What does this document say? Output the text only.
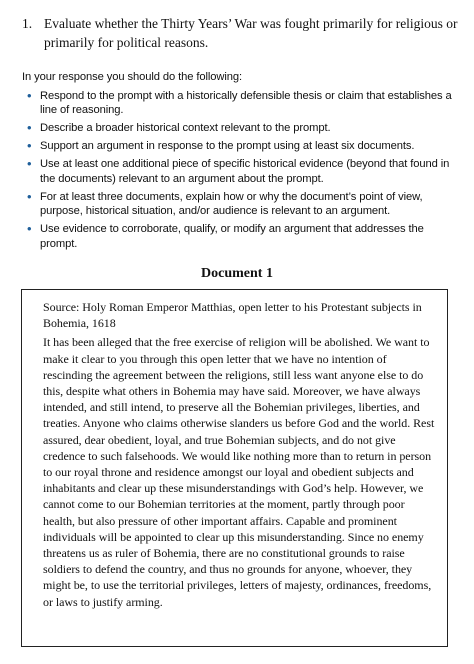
1. Evaluate whether the Thirty Years’ War was fought primarily for religious or primarily for political reasons.

In your response you should do the following:

• Respond to the prompt with a historically defensible thesis or claim that establishes a line of reasoning.
• Describe a broader historical context relevant to the prompt.
• Support an argument in response to the prompt using at least six documents.
• Use at least one additional piece of specific historical evidence (beyond that found in the documents) relevant to an argument about the prompt.
• For at least three documents, explain how or why the document’s point of view, purpose, historical situation, and/or audience is relevant to an argument.
• Use evidence to corroborate, qualify, or modify an argument that addresses the prompt.
Document 1

Source: Holy Roman Emperor Matthias, open letter to his Protestant subjects in Bohemia, 1618

It has been alleged that the free exercise of religion will be abolished. We want to make it clear to you through this open letter that we have no intention of rescinding the agreement between the religions, still less want anyone else to do this, despite what others in Bohemia may have said. Moreover, we have always intended, and still intend, to preserve all the Bohemian privileges, liberties, and treaties. Anyone who claims otherwise slanders us before God and the world. Rest assured, dear obedient, loyal, and true Bohemian subjects, and do not give credence to such falsehoods. We would like nothing more than to return in person to our royal throne and residence amongst our loyal and obedient subjects and inhabitants and clear up these misunderstandings with God’s help. However, we cannot come to our Bohemian territories at the moment, partly through poor health, but also pressure of other important affairs. Capable and prominent individuals will be appointed to clear up this misunderstanding. Since no enemy threatens us as ruler of Bohemia, there are no constitutional grounds to raise soldiers to defend the country, and thus no grounds for anyone, whoever, they might be, to use the territorial privileges, letters of majesty, ordinances, freedoms, or laws to justify arming.
